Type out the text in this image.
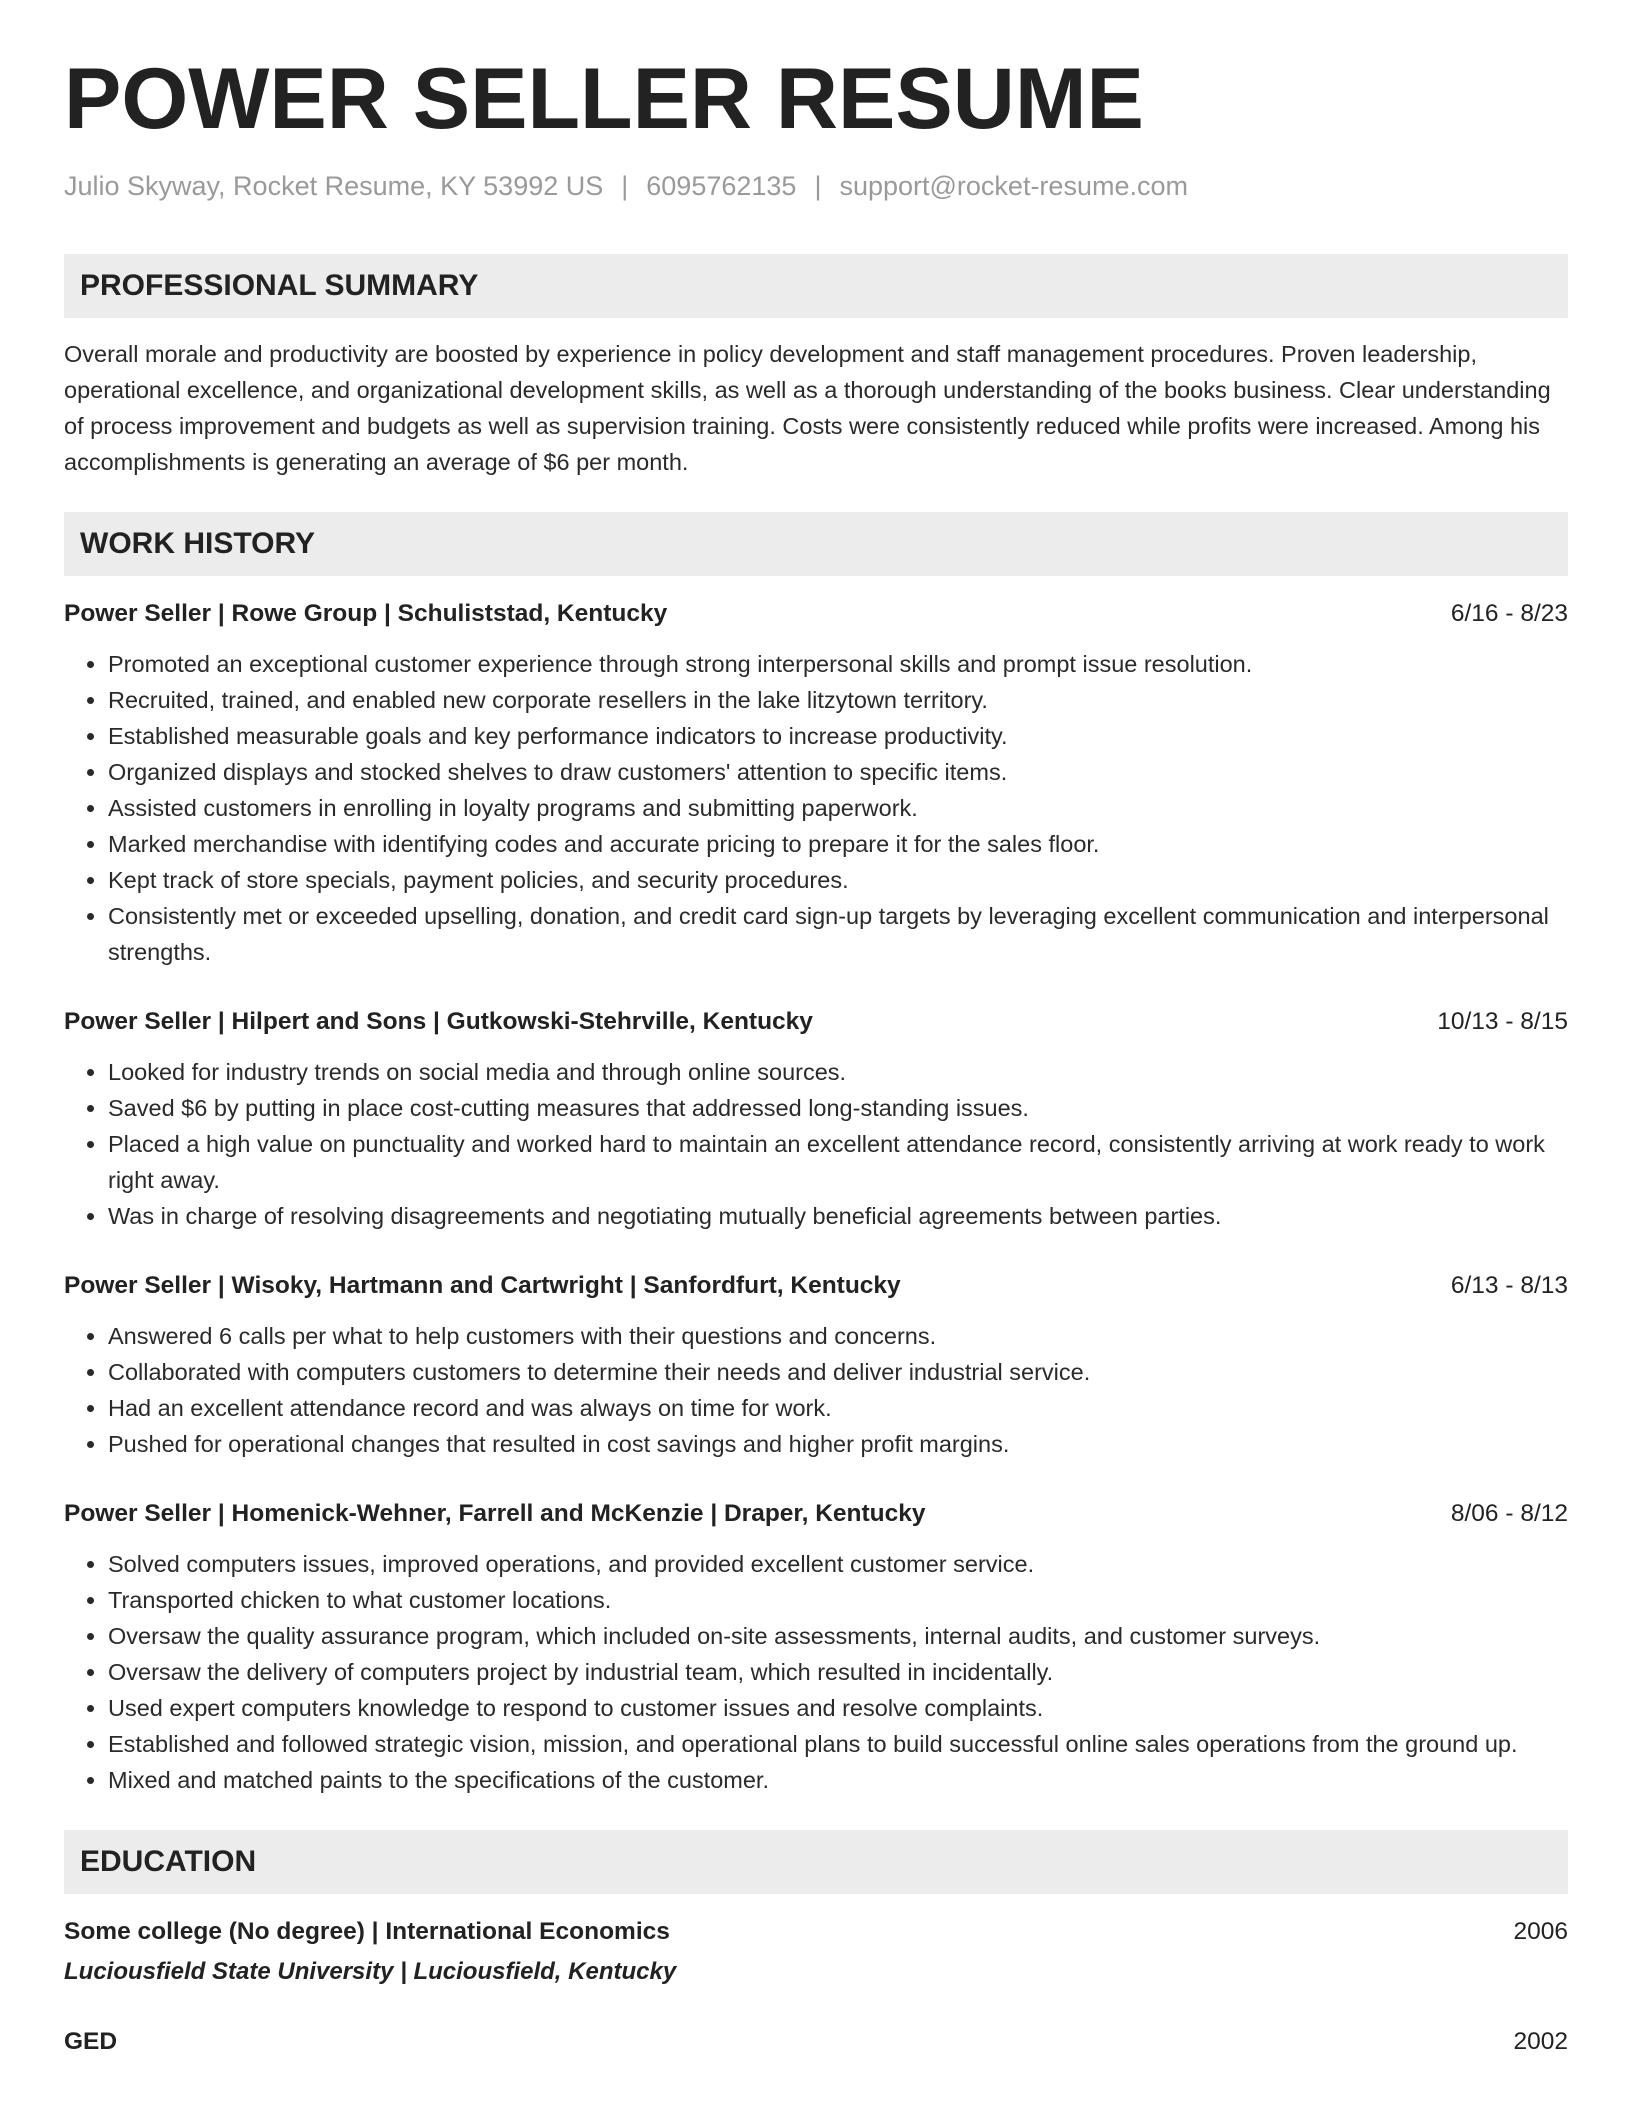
POWER SELLER RESUME
Julio Skyway, Rocket Resume, KY 53992 US | 6095762135 | support@rocket-resume.com
PROFESSIONAL SUMMARY
Overall morale and productivity are boosted by experience in policy development and staff management procedures. Proven leadership, operational excellence, and organizational development skills, as well as a thorough understanding of the books business. Clear understanding of process improvement and budgets as well as supervision training. Costs were consistently reduced while profits were increased. Among his accomplishments is generating an average of $6 per month.
WORK HISTORY
Power Seller | Rowe Group | Schuliststad, Kentucky	6/16 - 8/23
• Promoted an exceptional customer experience through strong interpersonal skills and prompt issue resolution.
• Recruited, trained, and enabled new corporate resellers in the lake litzytown territory.
• Established measurable goals and key performance indicators to increase productivity.
• Organized displays and stocked shelves to draw customers' attention to specific items.
• Assisted customers in enrolling in loyalty programs and submitting paperwork.
• Marked merchandise with identifying codes and accurate pricing to prepare it for the sales floor.
• Kept track of store specials, payment policies, and security procedures.
• Consistently met or exceeded upselling, donation, and credit card sign-up targets by leveraging excellent communication and interpersonal strengths.
Power Seller | Hilpert and Sons | Gutkowski-Stehrville, Kentucky	10/13 - 8/15
• Looked for industry trends on social media and through online sources.
• Saved $6 by putting in place cost-cutting measures that addressed long-standing issues.
• Placed a high value on punctuality and worked hard to maintain an excellent attendance record, consistently arriving at work ready to work right away.
• Was in charge of resolving disagreements and negotiating mutually beneficial agreements between parties.
Power Seller | Wisoky, Hartmann and Cartwright | Sanfordfurt, Kentucky	6/13 - 8/13
• Answered 6 calls per what to help customers with their questions and concerns.
• Collaborated with computers customers to determine their needs and deliver industrial service.
• Had an excellent attendance record and was always on time for work.
• Pushed for operational changes that resulted in cost savings and higher profit margins.
Power Seller | Homenick-Wehner, Farrell and McKenzie | Draper, Kentucky	8/06 - 8/12
• Solved computers issues, improved operations, and provided excellent customer service.
• Transported chicken to what customer locations.
• Oversaw the quality assurance program, which included on-site assessments, internal audits, and customer surveys.
• Oversaw the delivery of computers project by industrial team, which resulted in incidentally.
• Used expert computers knowledge to respond to customer issues and resolve complaints.
• Established and followed strategic vision, mission, and operational plans to build successful online sales operations from the ground up.
• Mixed and matched paints to the specifications of the customer.
EDUCATION
Some college (No degree) | International Economics	2006
Luciousfield State University | Luciousfield, Kentucky
GED	2002
